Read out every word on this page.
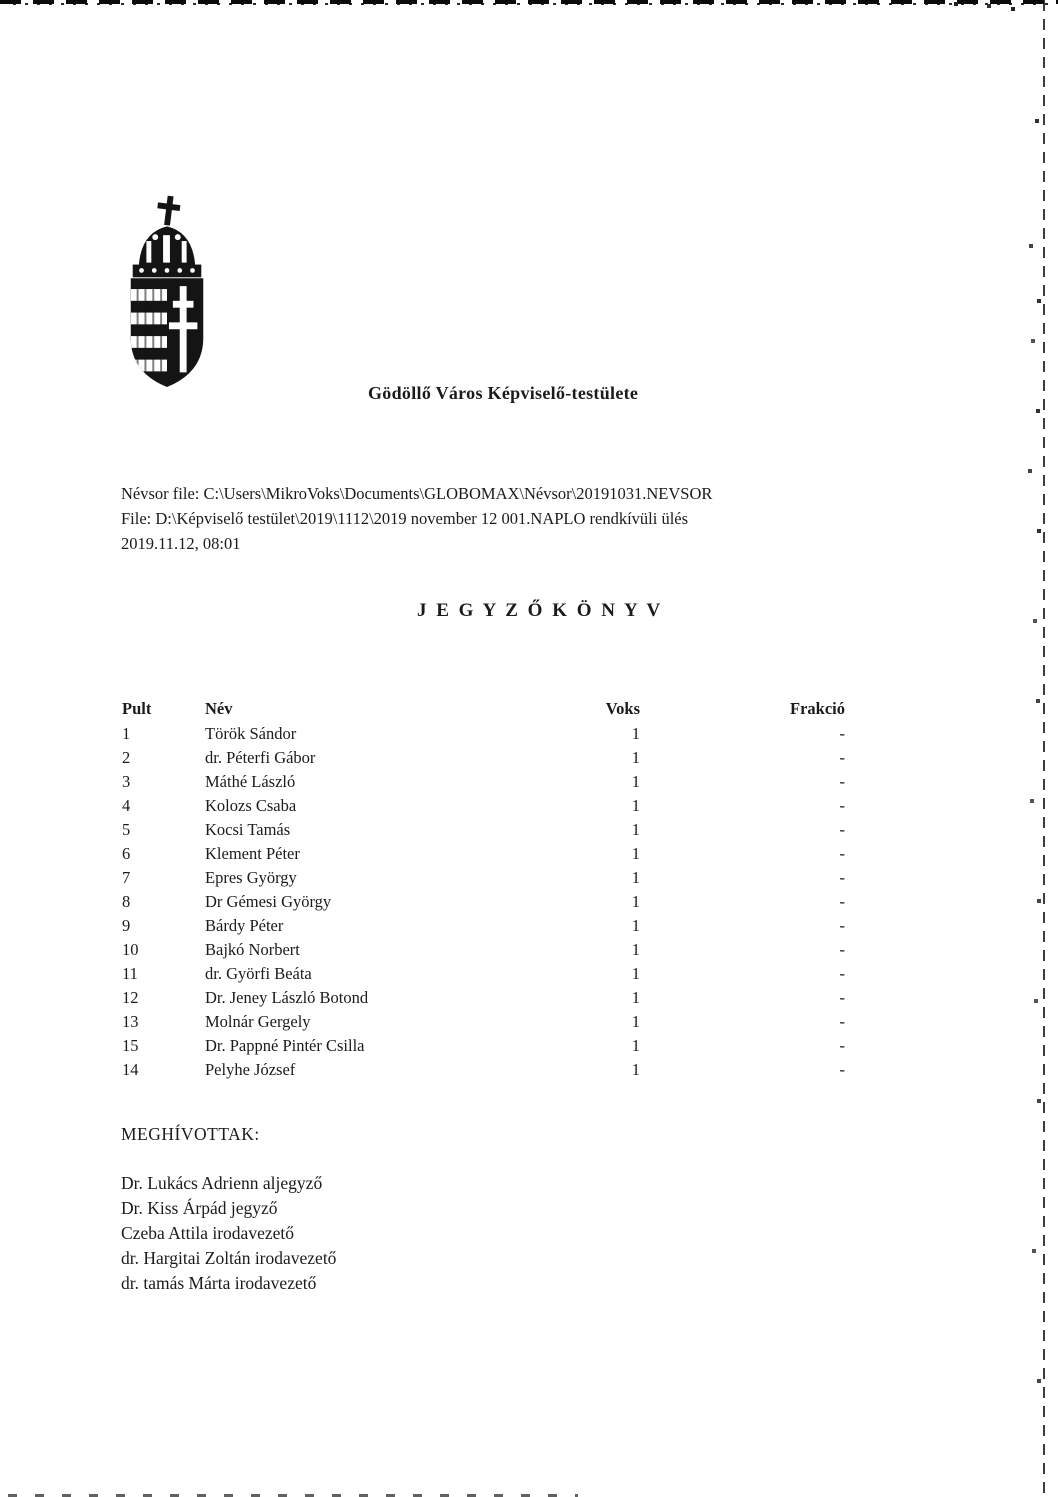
Gödöllő Város Képviselő-testülete
Névsor file: C:\Users\MikroVoks\Documents\GLOBOMAX\Névsor\20191031.NEVSOR
File: D:\Képviselő testület\2019\1112\2019 november 12 001.NAPLO rendkívüli ülés
2019.11.12, 08:01
J E G Y Z Ő K Ö N Y V
Pult	Név	Voks	Frakció
1	Török Sándor	1	-
2	dr. Péterfi Gábor	1	-
3	Máthé László	1	-
4	Kolozs Csaba	1	-
5	Kocsi Tamás	1	-
6	Klement Péter	1	-
7	Epres György	1	-
8	Dr Gémesi György	1	-
9	Bárdy Péter	1	-
10	Bajkó Norbert	1	-
11	dr. Györfi Beáta	1	-
12	Dr. Jeney László Botond	1	-
13	Molnár Gergely	1	-
15	Dr. Pappné Pintér Csilla	1	-
14	Pelyhe József	1	-
MEGHÍVOTTAK:
Dr. Lukács Adrienn aljegyző
Dr. Kiss Árpád jegyző
Czeba Attila irodavezető
dr. Hargitai Zoltán irodavezető
dr. tamás Márta irodavezető
